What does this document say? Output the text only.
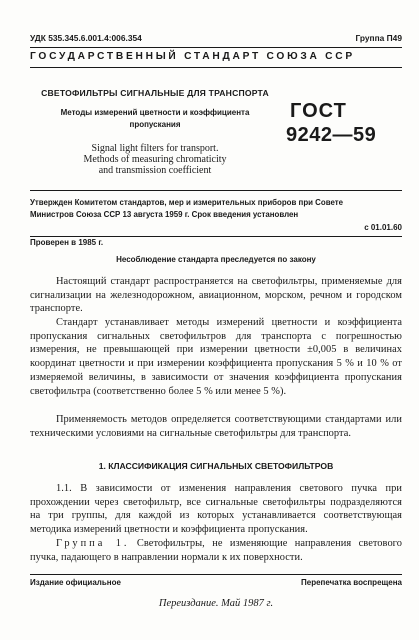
УДК 535.345.6.001.4:006.354	Группа П49
ГОСУДАРСТВЕННЫЙ СТАНДАРТ СОЮЗА ССР
СВЕТОФИЛЬТРЫ СИГНАЛЬНЫЕ ДЛЯ ТРАНСПОРТА
Методы измерений цветности и коэффициента
пропускания
Signal light filters for transport.
Methods of measuring chromaticity
and transmission coefficient
ГОСТ
9242—59
Утвержден Комитетом стандартов, мер и измерительных приборов при Совете
Министров Союза ССР 13 августа 1959 г. Срок введения установлен
с 01.01.60
Проверен в 1985 г.
Несоблюдение стандарта преследуется по закону
Настоящий стандарт распространяется на светофильтры, применяемые для сигнализации на железнодорожном, авиационном, морском, речном и городском транспорте.
Стандарт устанавливает методы измерений цветности и коэффициента пропускания сигнальных светофильтров для транспорта с погрешностью измерения, не превышающей при измерении цветности ±0,005 в величинах координат цветности и при измерении коэффициента пропускания 5 % и 10 % от измеряемой величины, в зависимости от значения коэффициента пропускания светофильтра (соответственно более 5 % или менее 5 %).
Применяемость методов определяется соответствующими стандартами или техническими условиями на сигнальные светофильтры для транспорта.
1. КЛАССИФИКАЦИЯ СИГНАЛЬНЫХ СВЕТОФИЛЬТРОВ
1.1. В зависимости от изменения направления светового пучка при прохождении через светофильтр, все сигнальные светофильтры подразделяются на три группы, для каждой из которых устанавливается соответствующая методика измерений цветности и коэффициента пропускания.
Группа 1. Светофильтры, не изменяющие направления светового пучка, падающего в направлении нормали к их поверхности.
Издание официальное	Перепечатка воспрещена
Переиздание. Май 1987 г.
